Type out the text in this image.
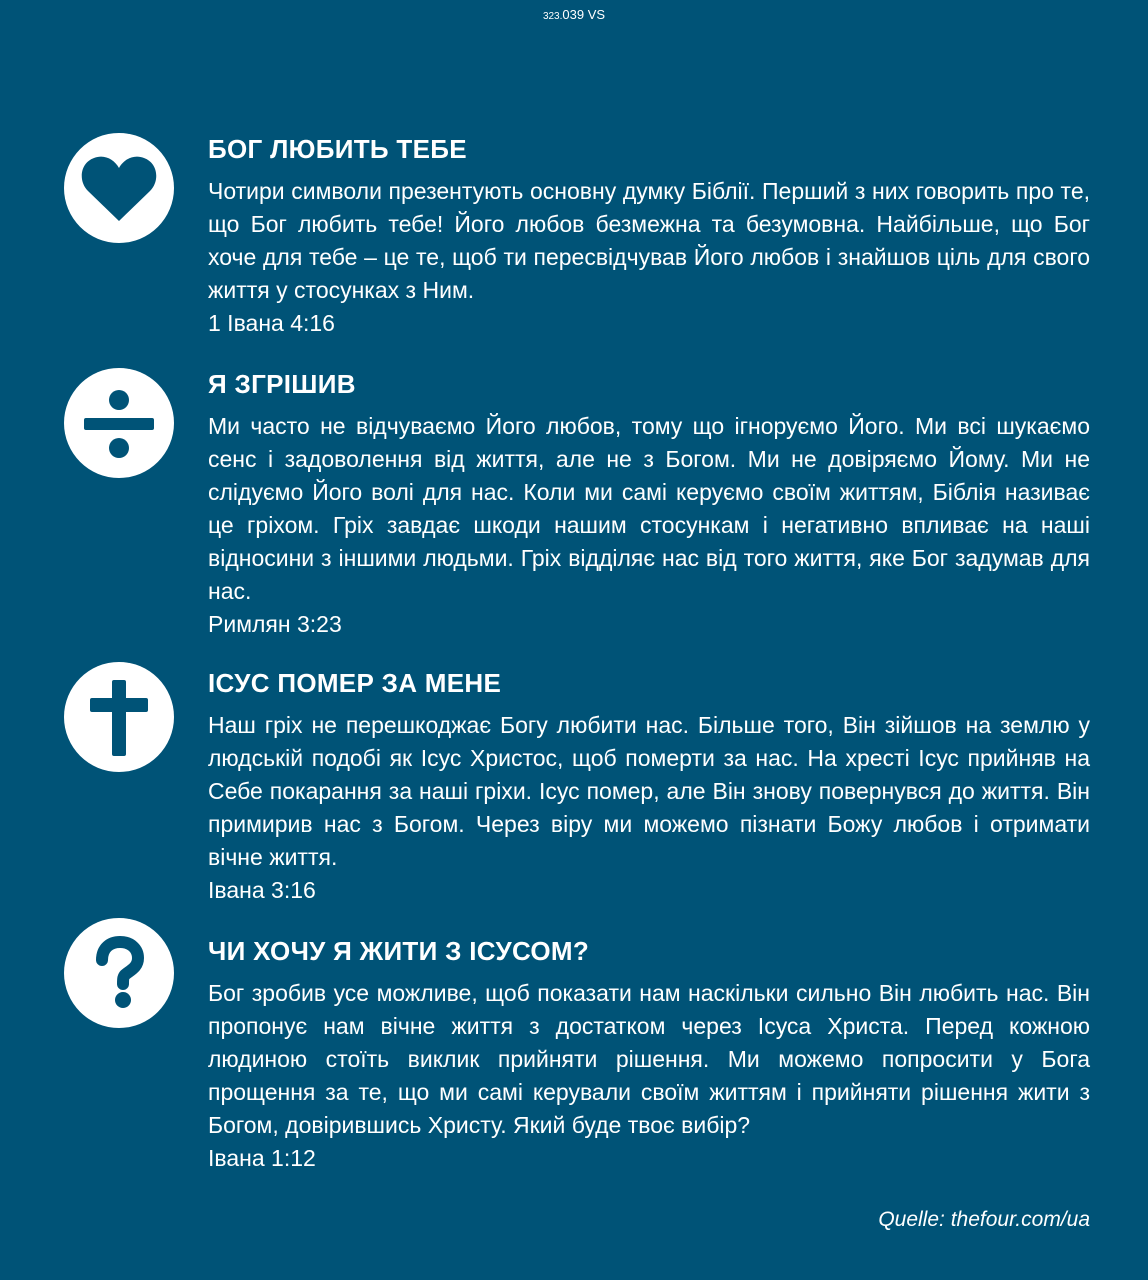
323.039 VS
БОГ ЛЮБИТЬ ТЕБЕ

Чотири символи презентують основну думку Біблії. Перший з них говорить про те, що Бог любить тебе! Його любов безмежна та безумовна. Найбільше, що Бог хоче для тебе – це те, щоб ти пересвідчував Його любов і знайшов ціль для свого життя у стосунках з Ним.

1 Івана 4:16

Я ЗГРІШИВ

Ми часто не відчуваємо Його любов, тому що ігноруємо Його. Ми всі шукаємо сенс і задоволення від життя, але не з Богом. Ми не довіряємо Йому. Ми не слідуємо Його волі для нас. Коли ми самі керуємо своїм життям, Біблія називає це гріхом. Гріх завдає шкоди нашим стосункам і негативно впливає на наші відносини з іншими людьми. Гріх відділяє нас від того життя, яке Бог задумав для нас.

Римлян 3:23

ІСУС ПОМЕР ЗА МЕНЕ

Наш гріх не перешкоджає Богу любити нас. Більше того, Він зійшов на землю у людській подобі як Ісус Христос, щоб померти за нас. На хресті Ісус прийняв на Себе покарання за наші гріхи. Ісус помер, але Він знову повернувся до життя. Він примирив нас з Богом. Через віру ми можемо пізнати Божу любов і отримати вічне життя.

Івана 3:16

ЧИ ХОЧУ Я ЖИТИ З ІСУСОМ?

Бог зробив усе можливе, щоб показати нам наскільки сильно Він любить нас. Він пропонує нам вічне життя з достатком через Ісуса Христа. Перед кожною людиною стоїть виклик прийняти рішення. Ми можемо попросити у Бога прощення за те, що ми самі керували своїм життям і прийняти рішення жити з Богом, довірившись Христу. Який буде твоє вибір?

Івана 1:12

Quelle: thefour.com/ua
